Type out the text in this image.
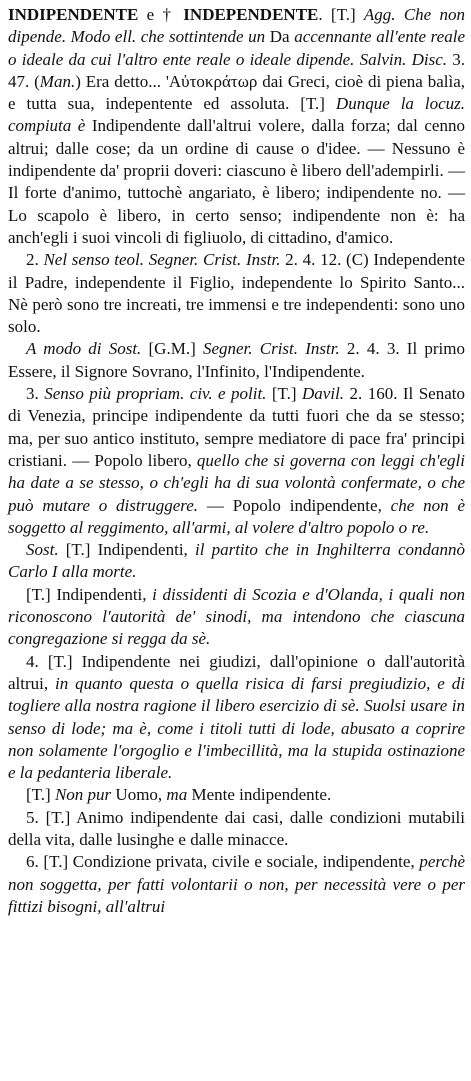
INDIPENDENTE e † INDEPENDENTE. [T.] Agg. Che non dipende. Modo ell. che sottintende un Da accennante all'ente reale o ideale da cui l'altro ente reale o ideale dipende. Salvin. Disc. 3. 47. (Man.) Era detto... 'Αὐτοκράτωρ dai Greci, cioè di piena balìa, e tutta sua, indepentente ed assoluta. [T.] Dunque la locuz. compiuta è Indipendente dall'altrui volere, dalla forza; dal cenno altrui; dalle cose; da un ordine di cause o d'idee. — Nessuno è indipendente da' proprii doveri: ciascuno è libero dell'adempirli. — Il forte d'animo, tuttochè angariato, è libero; indipendente no. — Lo scapolo è libero, in certo senso; indipendente non è: ha anch'egli i suoi vincoli di figliuolo, di cittadino, d'amico.

2. Nel senso teol. Segner. Crist. Instr. 2. 4. 12. (C) Independente il Padre, independente il Figlio, independente lo Spirito Santo... Nè però sono tre increati, tre immensi e tre independenti: sono uno solo.

A modo di Sost. [G.M.] Segner. Crist. Instr. 2. 4. 3. Il primo Essere, il Signore Sovrano, l'Infinito, l'Indipendente.

3. Senso più propriam. civ. e polit. [T.] Davil. 2. 160. Il Senato di Venezia, principe indipendente da tutti fuori che da se stesso; ma, per suo antico instituto, sempre mediatore di pace fra' principi cristiani. — Popolo libero, quello che si governa con leggi ch'egli ha date a se stesso, o ch'egli ha di sua volontà confermate, o che può mutare o distruggere. — Popolo indipendente, che non è soggetto al reggimento, all'armi, al volere d'altro popolo o re.

Sost. [T.] Indipendenti, il partito che in Inghilterra condannò Carlo I alla morte.

[T.] Indipendenti, i dissidenti di Scozia e d'Olanda, i quali non riconoscono l'autorità de' sinodi, ma intendono che ciascuna congregazione si regga da sè.

4. [T.] Indipendente nei giudizi, dall'opinione o dall'autorità altrui, in quanto questa o quella risica di farsi pregiudizio, e di togliere alla nostra ragione il libero esercizio di sè. Suolsi usare in senso di lode; ma è, come i titoli tutti di lode, abusato a coprire non solamente l'orgoglio e l'imbecillità, ma la stupida ostinazione e la pedanteria liberale.

[T.] Non pur Uomo, ma Mente indipendente.

5. [T.] Animo indipendente dai casi, dalle condizioni mutabili della vita, dalle lusinghe e dalle minacce.

6. [T.] Condizione privata, civile e sociale, indipendente, perchè non soggetta, per fatti volontarii o non, per necessità vere o per fittizi bisogni, all'altrui
